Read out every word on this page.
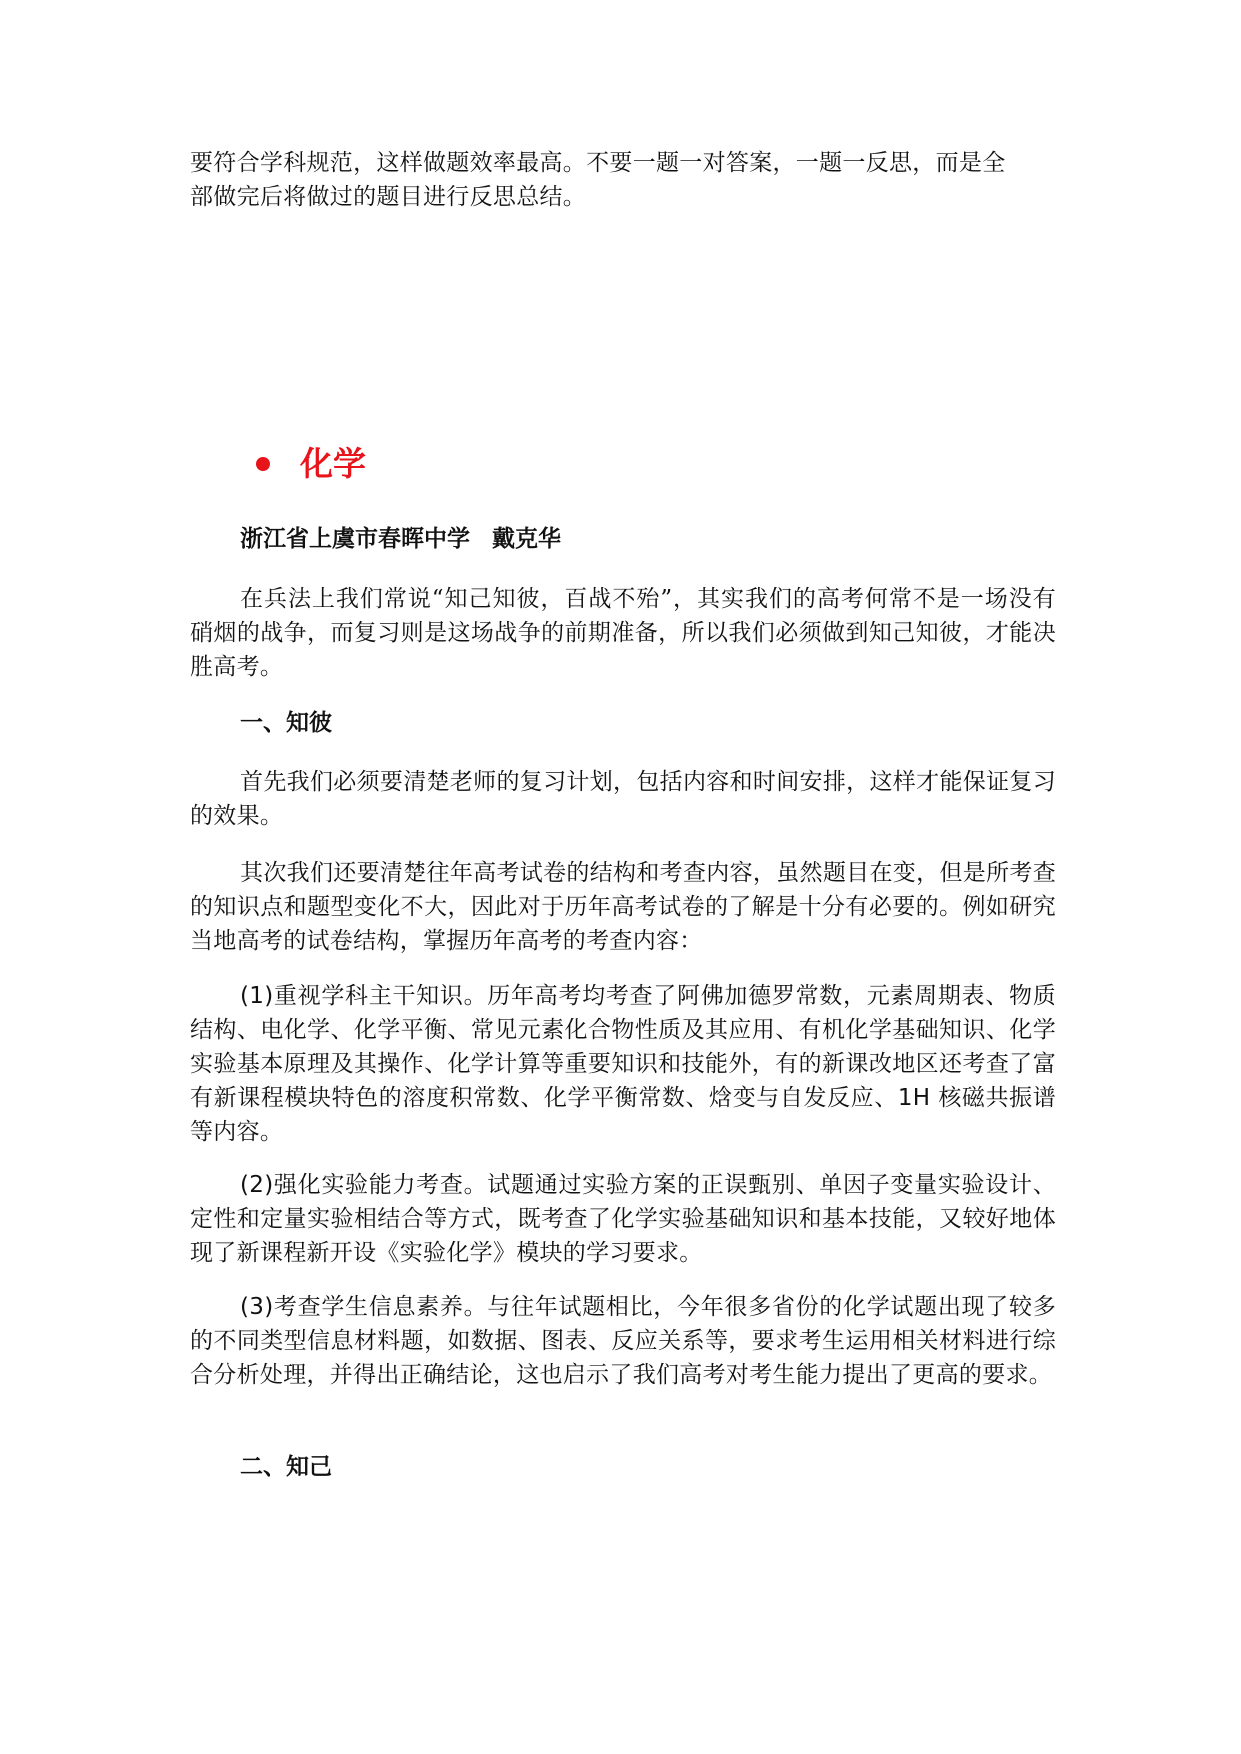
要符合学科规范，这样做题效率最高。不要一题一对答案，一题一反思，而是全
部做完后将做过的题目进行反思总结。

化学

浙江省上虞市春晖中学 戴克华

在兵法上我们常说“知己知彼，百战不殆”，其实我们的高考何常不是一场没有硝烟的战争，而复习则是这场战争的前期准备，所以我们必须做到知己知彼，才能决胜高考。

一、知彼

首先我们必须要清楚老师的复习计划，包括内容和时间安排，这样才能保证复习的效果。

其次我们还要清楚往年高考试卷的结构和考查内容，虽然题目在变，但是所考查的知识点和题型变化不大，因此对于历年高考试卷的了解是十分有必要的。例如研究当地高考的试卷结构，掌握历年高考的考查内容：

(1)重视学科主干知识。历年高考均考查了阿佛加德罗常数，元素周期表、物质结构、电化学、化学平衡、常见元素化合物性质及其应用、有机化学基础知识、化学实验基本原理及其操作、化学计算等重要知识和技能外，有的新课改地区还考查了富有新课程模块特色的溶度积常数、化学平衡常数、焓变与自发反应、1H 核磁共振谱等内容。

(2)强化实验能力考查。试题通过实验方案的正误甄别、单因子变量实验设计、定性和定量实验相结合等方式，既考查了化学实验基础知识和基本技能，又较好地体现了新课程新开设《实验化学》模块的学习要求。

(3)考查学生信息素养。与往年试题相比，今年很多省份的化学试题出现了较多的不同类型信息材料题，如数据、图表、反应关系等，要求考生运用相关材料进行综合分析处理，并得出正确结论，这也启示了我们高考对考生能力提出了更高的要求。

二、知己
